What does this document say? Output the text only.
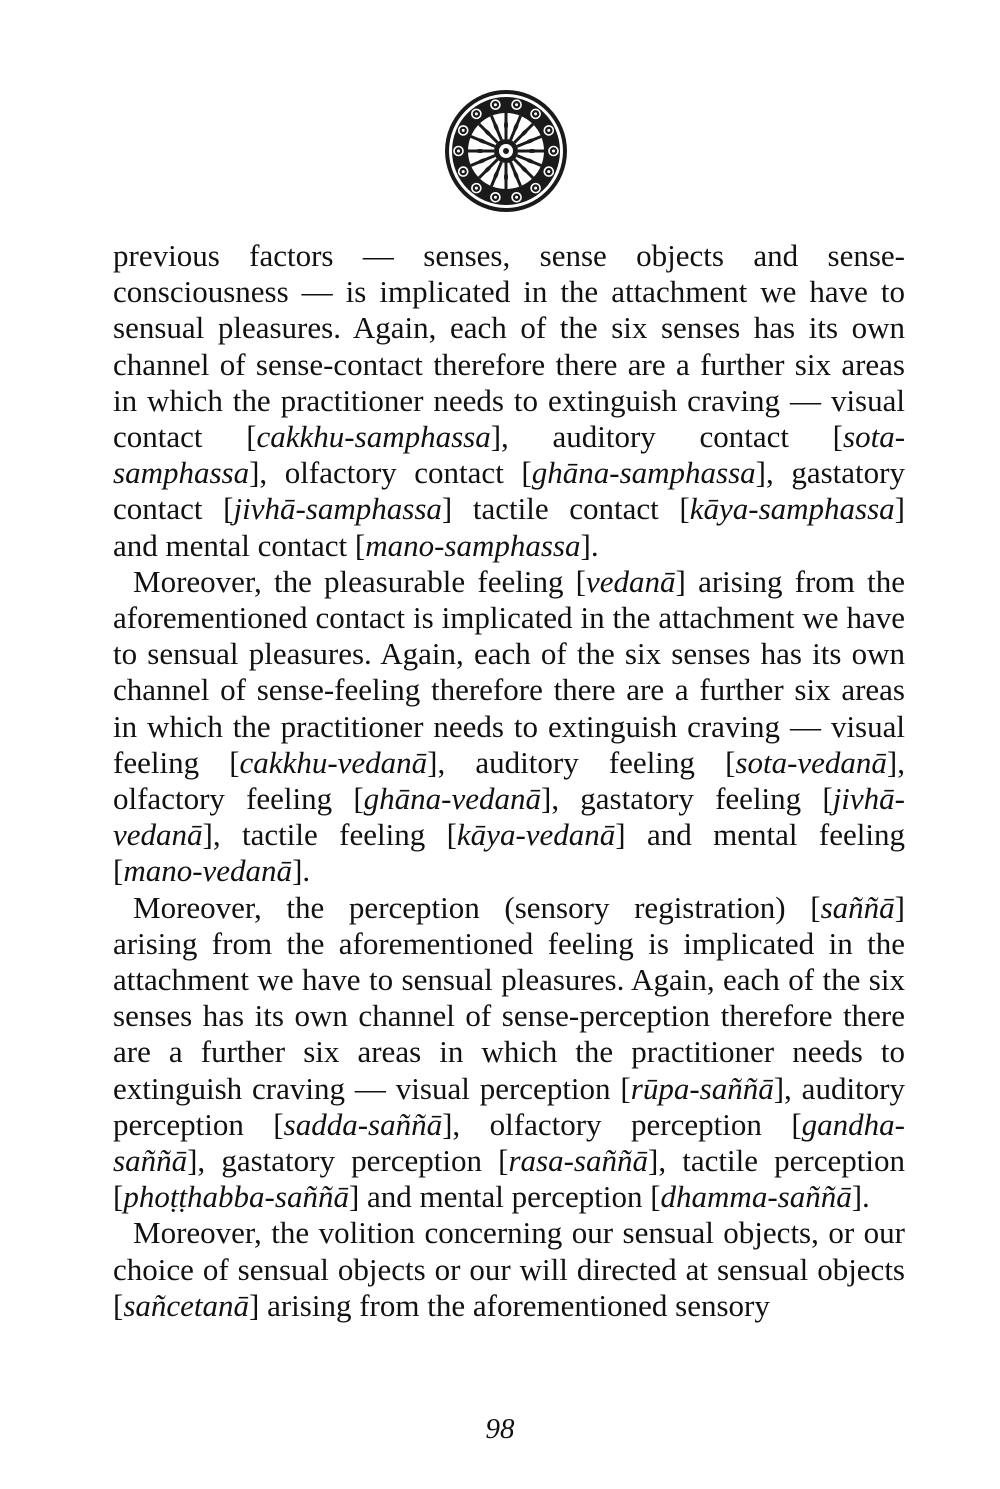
previous factors — senses, sense objects and sense-consciousness — is implicated in the attachment we have to sensual pleasures. Again, each of the six senses has its own channel of sense-contact therefore there are a further six areas in which the practitioner needs to extinguish craving — visual contact [cakkhu-samphassa], auditory contact [sota-samphassa], olfactory contact [ghāna-samphassa], gastatory contact [jivhā-samphassa] tactile contact [kāya-samphassa] and mental contact [mano-samphassa].

Moreover, the pleasurable feeling [vedanā] arising from the aforementioned contact is implicated in the attachment we have to sensual pleasures. Again, each of the six senses has its own channel of sense-feeling therefore there are a further six areas in which the practitioner needs to extinguish craving — visual feeling [cakkhu-vedanā], auditory feeling [sota-vedanā], olfactory feeling [ghāna-vedanā], gastatory feeling [jivhā-vedanā], tactile feeling [kāya-vedanā] and mental feeling [mano-vedanā].

Moreover, the perception (sensory registration) [saññā] arising from the aforementioned feeling is implicated in the attachment we have to sensual pleasures. Again, each of the six senses has its own channel of sense-perception therefore there are a further six areas in which the practitioner needs to extinguish craving — visual perception [rūpa-saññā], auditory perception [sadda-saññā], olfactory perception [gandha-saññā], gastatory perception [rasa-saññā], tactile perception [phoṭṭhabba-saññā] and mental perception [dhamma-saññā].

Moreover, the volition concerning our sensual objects, or our choice of sensual objects or our will directed at sensual objects [sañcetanā] arising from the aforementioned sensory

98
